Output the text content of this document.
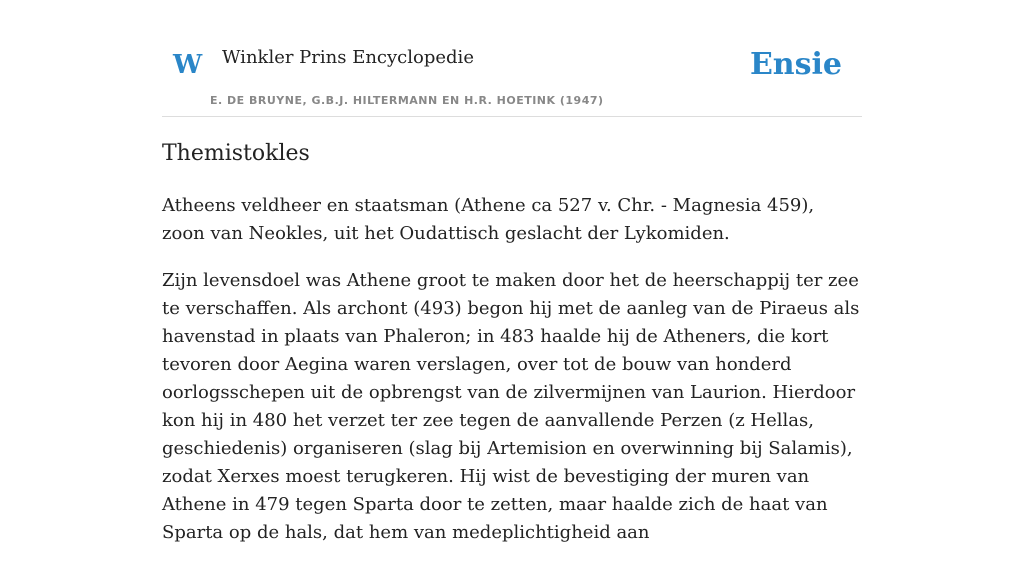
W Winkler Prins Encyclopedie
E. DE BRUYNE, G.B.J. HILTERMANN EN H.R. HOETINK (1947)
Ensie
Themistokles

Atheens veldheer en staatsman (Athene ca 527 v. Chr. - Magnesia 459), zoon van Neokles, uit het Oudattisch geslacht der Lykomiden.

Zijn levensdoel was Athene groot te maken door het de heerschappij ter zee te verschaffen. Als archont (493) begon hij met de aanleg van de Piraeus als havenstad in plaats van Phaleron; in 483 haalde hij de Atheners, die kort tevoren door Aegina waren verslagen, over tot de bouw van honderd oorlogsschepen uit de opbrengst van de zilvermijnen van Laurion. Hierdoor kon hij in 480 het verzet ter zee tegen de aanvallende Perzen (z Hellas, geschiedenis) organiseren (slag bij Artemision en overwinning bij Salamis), zodat Xerxes moest terugkeren. Hij wist de bevestiging der muren van Athene in 479 tegen Sparta door te zetten, maar haalde zich de haat van Sparta op de hals, dat hem van medeplichtigheid aan
